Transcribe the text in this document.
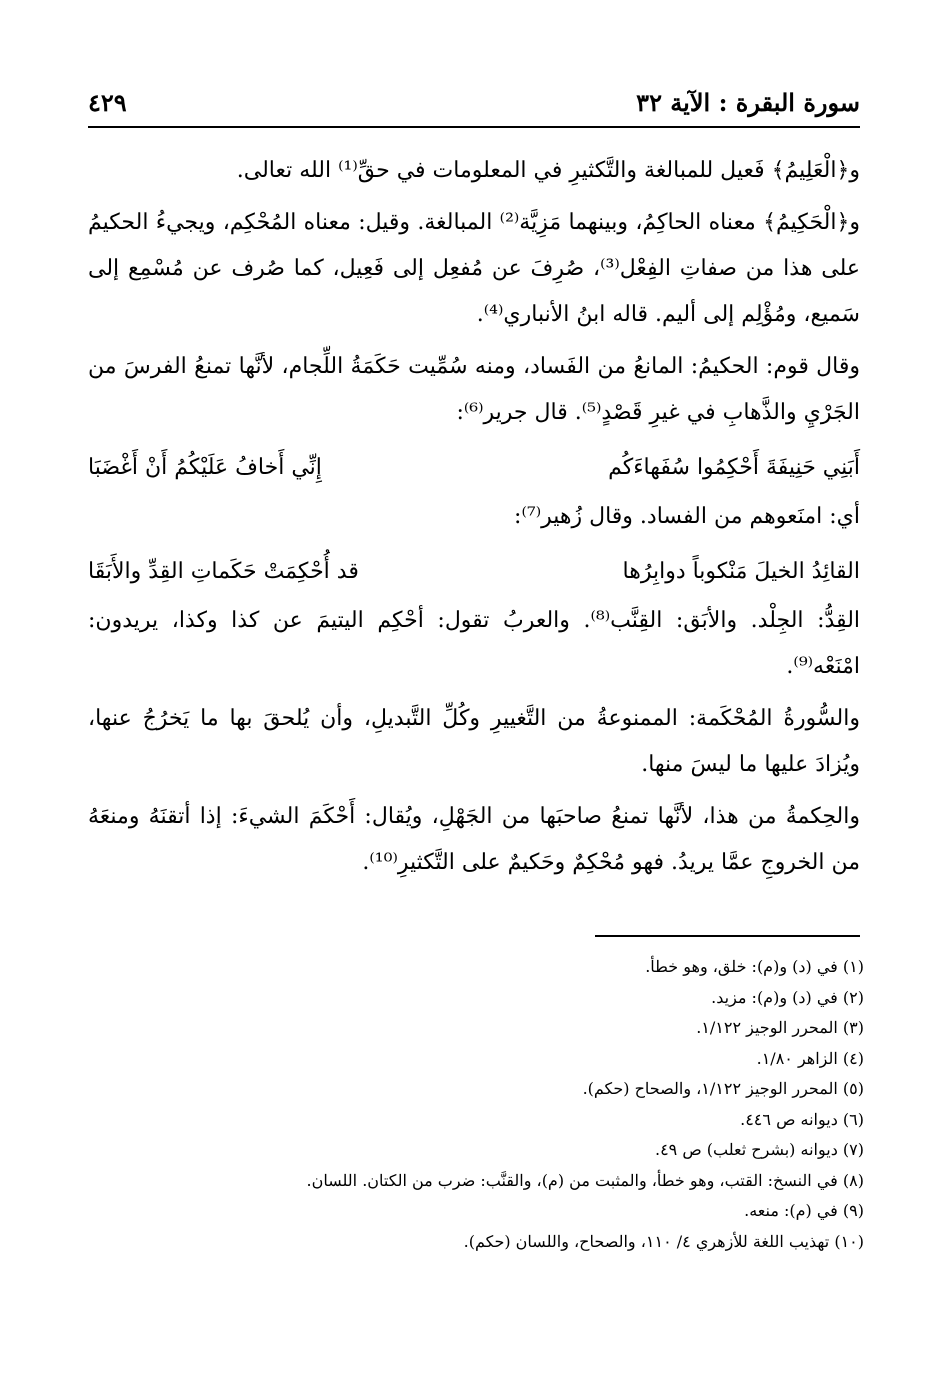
سورة البقرة : الآية ٣٢
٤٢٩

و﴿الْعَلِيمُ﴾ فَعيل للمبالغة والتَّكثيرِ في المعلومات في حقِّ⁽¹⁾ الله تعالى.

و﴿الْحَكِيمُ﴾ معناه الحاكِمُ، وبينهما مَزِيَّة⁽²⁾ المبالغة. وقيل: معناه المُحْكِم، ويجيءُ الحكيمُ على هذا من صفاتِ الفِعْل⁽³⁾، صُرِفَ عن مُفعِل إلى فَعِيل، كما صُرف عن مُسْمِع إلى سَميع، ومُؤْلِم إلى أليم. قاله ابنُ الأنباري⁽⁴⁾.

وقال قوم: الحكيمُ: المانعُ من الفَساد، ومنه سُمِّيت حَكَمَةُ اللِّجام، لأنَّها تمنعُ الفرسَ من الجَرْيِ والذَّهابِ في غيرِ قَصْدٍ⁽⁵⁾. قال جرير⁽⁶⁾:

أَبَنِي حَنِيفَةَ أَحْكِمُوا سُفَهاءَكُم
إِنِّي أَخافُ عَلَيْكُمُ أَنْ أَغْضَبَا

أي: امنَعوهم من الفساد. وقال زُهير⁽⁷⁾:

القائِدُ الخيلَ مَنْكوباً دوابِرُها
قد أُحْكِمَتْ حَكَماتِ القِدِّ والأَبَقَا

القِدُّ: الجِلْد. والأبَق: القِنَّب⁽⁸⁾. والعربُ تقول: أحْكِم اليتيمَ عن كذا وكذا، يريدون: امْنَعْه⁽⁹⁾.

والسُّورةُ المُحْكَمة: الممنوعةُ من التَّغييرِ وكُلِّ التَّبديلِ، وأن يُلحقَ بها ما يَخرُجُ عنها، ويُزادَ عليها ما ليسَ منها.

والحِكمةُ من هذا، لأنَّها تمنعُ صاحبَها من الجَهْلِ، ويُقال: أَحْكَمَ الشيءَ: إذا أتقنَهُ ومنعَهُ من الخروجِ عمَّا يريدُ. فهو مُحْكِمٌ وحَكيمٌ على التَّكثيرِ⁽¹⁰⁾.

(١) في (د) و(م): خلق، وهو خطأ.

(٢) في (د) و(م): مزيد.

(٣) المحرر الوجيز ١/١٢٢.

(٤) الزاهر ١/٨٠.

(٥) المحرر الوجيز ١/١٢٢، والصحاح (حكم).

(٦) ديوانه ص ٤٤٦.

(٧) ديوانه (بشرح ثعلب) ص ٤٩.

(٨) في النسخ: القتب، وهو خطأ، والمثبت من (م)، والقنَّب: ضرب من الكتان. اللسان.

(٩) في (م): منعه.

(١٠) تهذيب اللغة للأزهري ٤/ ١١٠، والصحاح، واللسان (حكم).
